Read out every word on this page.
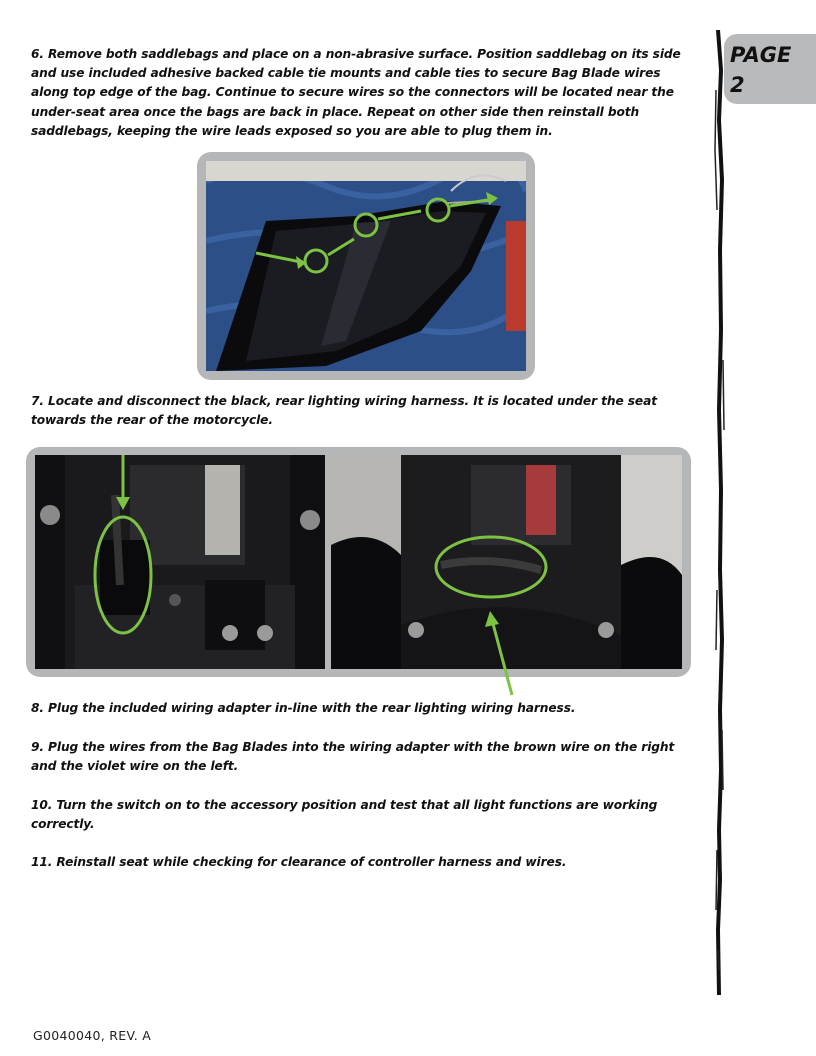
PAGE
2

6. Remove both saddlebags and place on a non-abrasive surface. Position saddlebag on its side and use included adhesive backed cable tie mounts and cable ties to secure Bag Blade wires along top edge of the bag. Continue to secure wires so the connectors will be located near the under-seat area once the bags are back in place. Repeat on other side then reinstall both saddlebags, keeping the wire leads exposed so you are able to plug them in.

7. Locate and disconnect the black, rear lighting wiring harness. It is located under the seat towards the rear of the motorcycle.

8. Plug the included wiring adapter in-line with the rear lighting wiring harness.

9. Plug the wires from the Bag Blades into the wiring adapter with the brown wire on the right and the violet wire on the left.

10. Turn the switch on to the accessory position and test that all light functions are working correctly.

11. Reinstall seat while checking for clearance of controller harness and wires.

G0040040, REV. A
